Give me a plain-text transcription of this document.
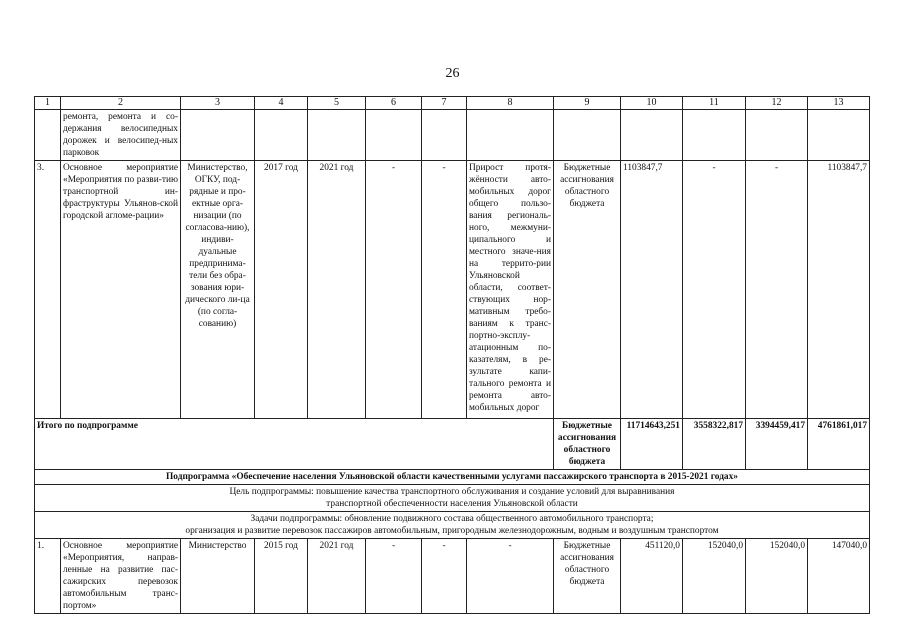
26
1	2	3	4	5	6	7	8	9	10	11	12	13
	ремонта, ремонта и со-держания велосипедных дорожек и велосипед-ных парковок											
3.	Основное мероприятие «Мероприятия по разви-тию транспортной ин-фраструктуры Ульянов-ской городской агломе-рации»	Министерство, ОГКУ, под-рядные и про-ектные орга-низации (по согласова-нию), индиви-дуальные предпринима-тели без обра-зования юри-дического ли-ца (по согла-сованию)	2017 год	2021 год	-	-	Прирост протя-жённости авто-мобильных дорог общего пользо-вания региональ-ного, межмуни-ципального и местного значе-ния на террито-рии Ульяновской области, соответ-ствующих нор-мативным требо-ваниям к транс-портно-эксплу-атационным по-казателям, в ре-зультате капи-тального ремонта и ремонта авто-мобильных дорог	Бюджетные ассигнования областного бюджета	1103847,7	-	-	1103847,7
Итого по подпрограмме								Бюджетные ассигнования областного бюджета	11714643,251	3558322,817	3394459,417	4761861,017
Подпрограмма «Обеспечение населения Ульяновской области качественными услугами пассажирского транспорта в 2015-2021 годах»												

Цель подпрограммы: повышение качества транспортного обслуживания и создание условий для выравнивания
транспортной обеспеченности населения Ульяновской области												

Задачи подпрограммы: обновление подвижного состава общественного автомобильного транспорта;
организация и развитие перевозок пассажиров автомобильным, пригородным железнодорожным, водным и воздушным транспортом												

1.	Основное мероприятие «Мероприятия, направ-ленные на развитие пас-сажирских перевозок автомобильным транс-портом»	Министерство	2015 год	2021 год	-	-	-	Бюджетные ассигнования областного бюджета	451120,0	152040,0	152040,0	147040,0
